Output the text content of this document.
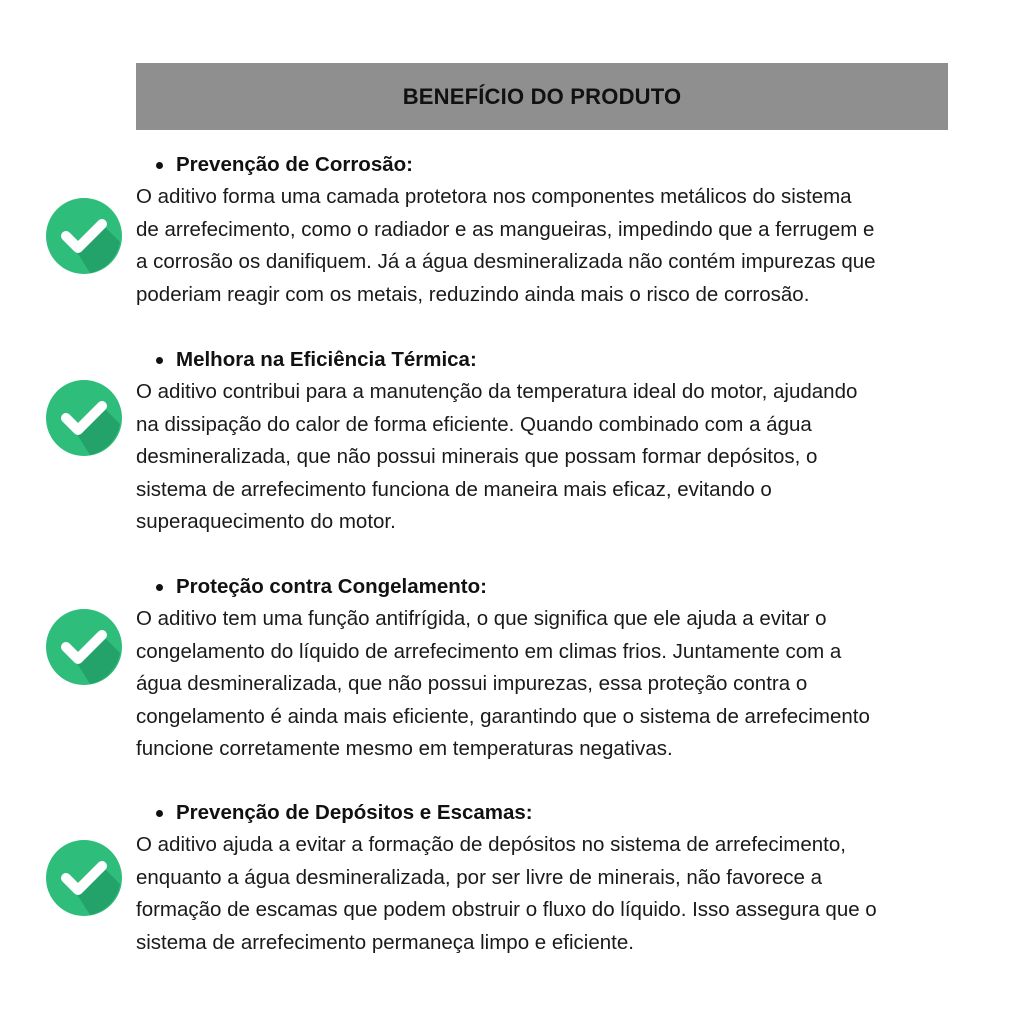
BENEFÍCIO DO PRODUTO

Prevenção de Corrosão:

O aditivo forma uma camada protetora nos componentes metálicos do sistema
de arrefecimento, como o radiador e as mangueiras, impedindo que a ferrugem e
a corrosão os danifiquem. Já a água desmineralizada não contém impurezas que
poderiam reagir com os metais, reduzindo ainda mais o risco de corrosão.

Melhora na Eficiência Térmica:

O aditivo contribui para a manutenção da temperatura ideal do motor, ajudando
na dissipação do calor de forma eficiente. Quando combinado com a água
desmineralizada, que não possui minerais que possam formar depósitos, o
sistema de arrefecimento funciona de maneira mais eficaz, evitando o
superaquecimento do motor.

Proteção contra Congelamento:

O aditivo tem uma função antifrígida, o que significa que ele ajuda a evitar o
congelamento do líquido de arrefecimento em climas frios. Juntamente com a
água desmineralizada, que não possui impurezas, essa proteção contra o
congelamento é ainda mais eficiente, garantindo que o sistema de arrefecimento
funcione corretamente mesmo em temperaturas negativas.

Prevenção de Depósitos e Escamas:

O aditivo ajuda a evitar a formação de depósitos no sistema de arrefecimento,
enquanto a água desmineralizada, por ser livre de minerais, não favorece a
formação de escamas que podem obstruir o fluxo do líquido. Isso assegura que o
sistema de arrefecimento permaneça limpo e eficiente.
